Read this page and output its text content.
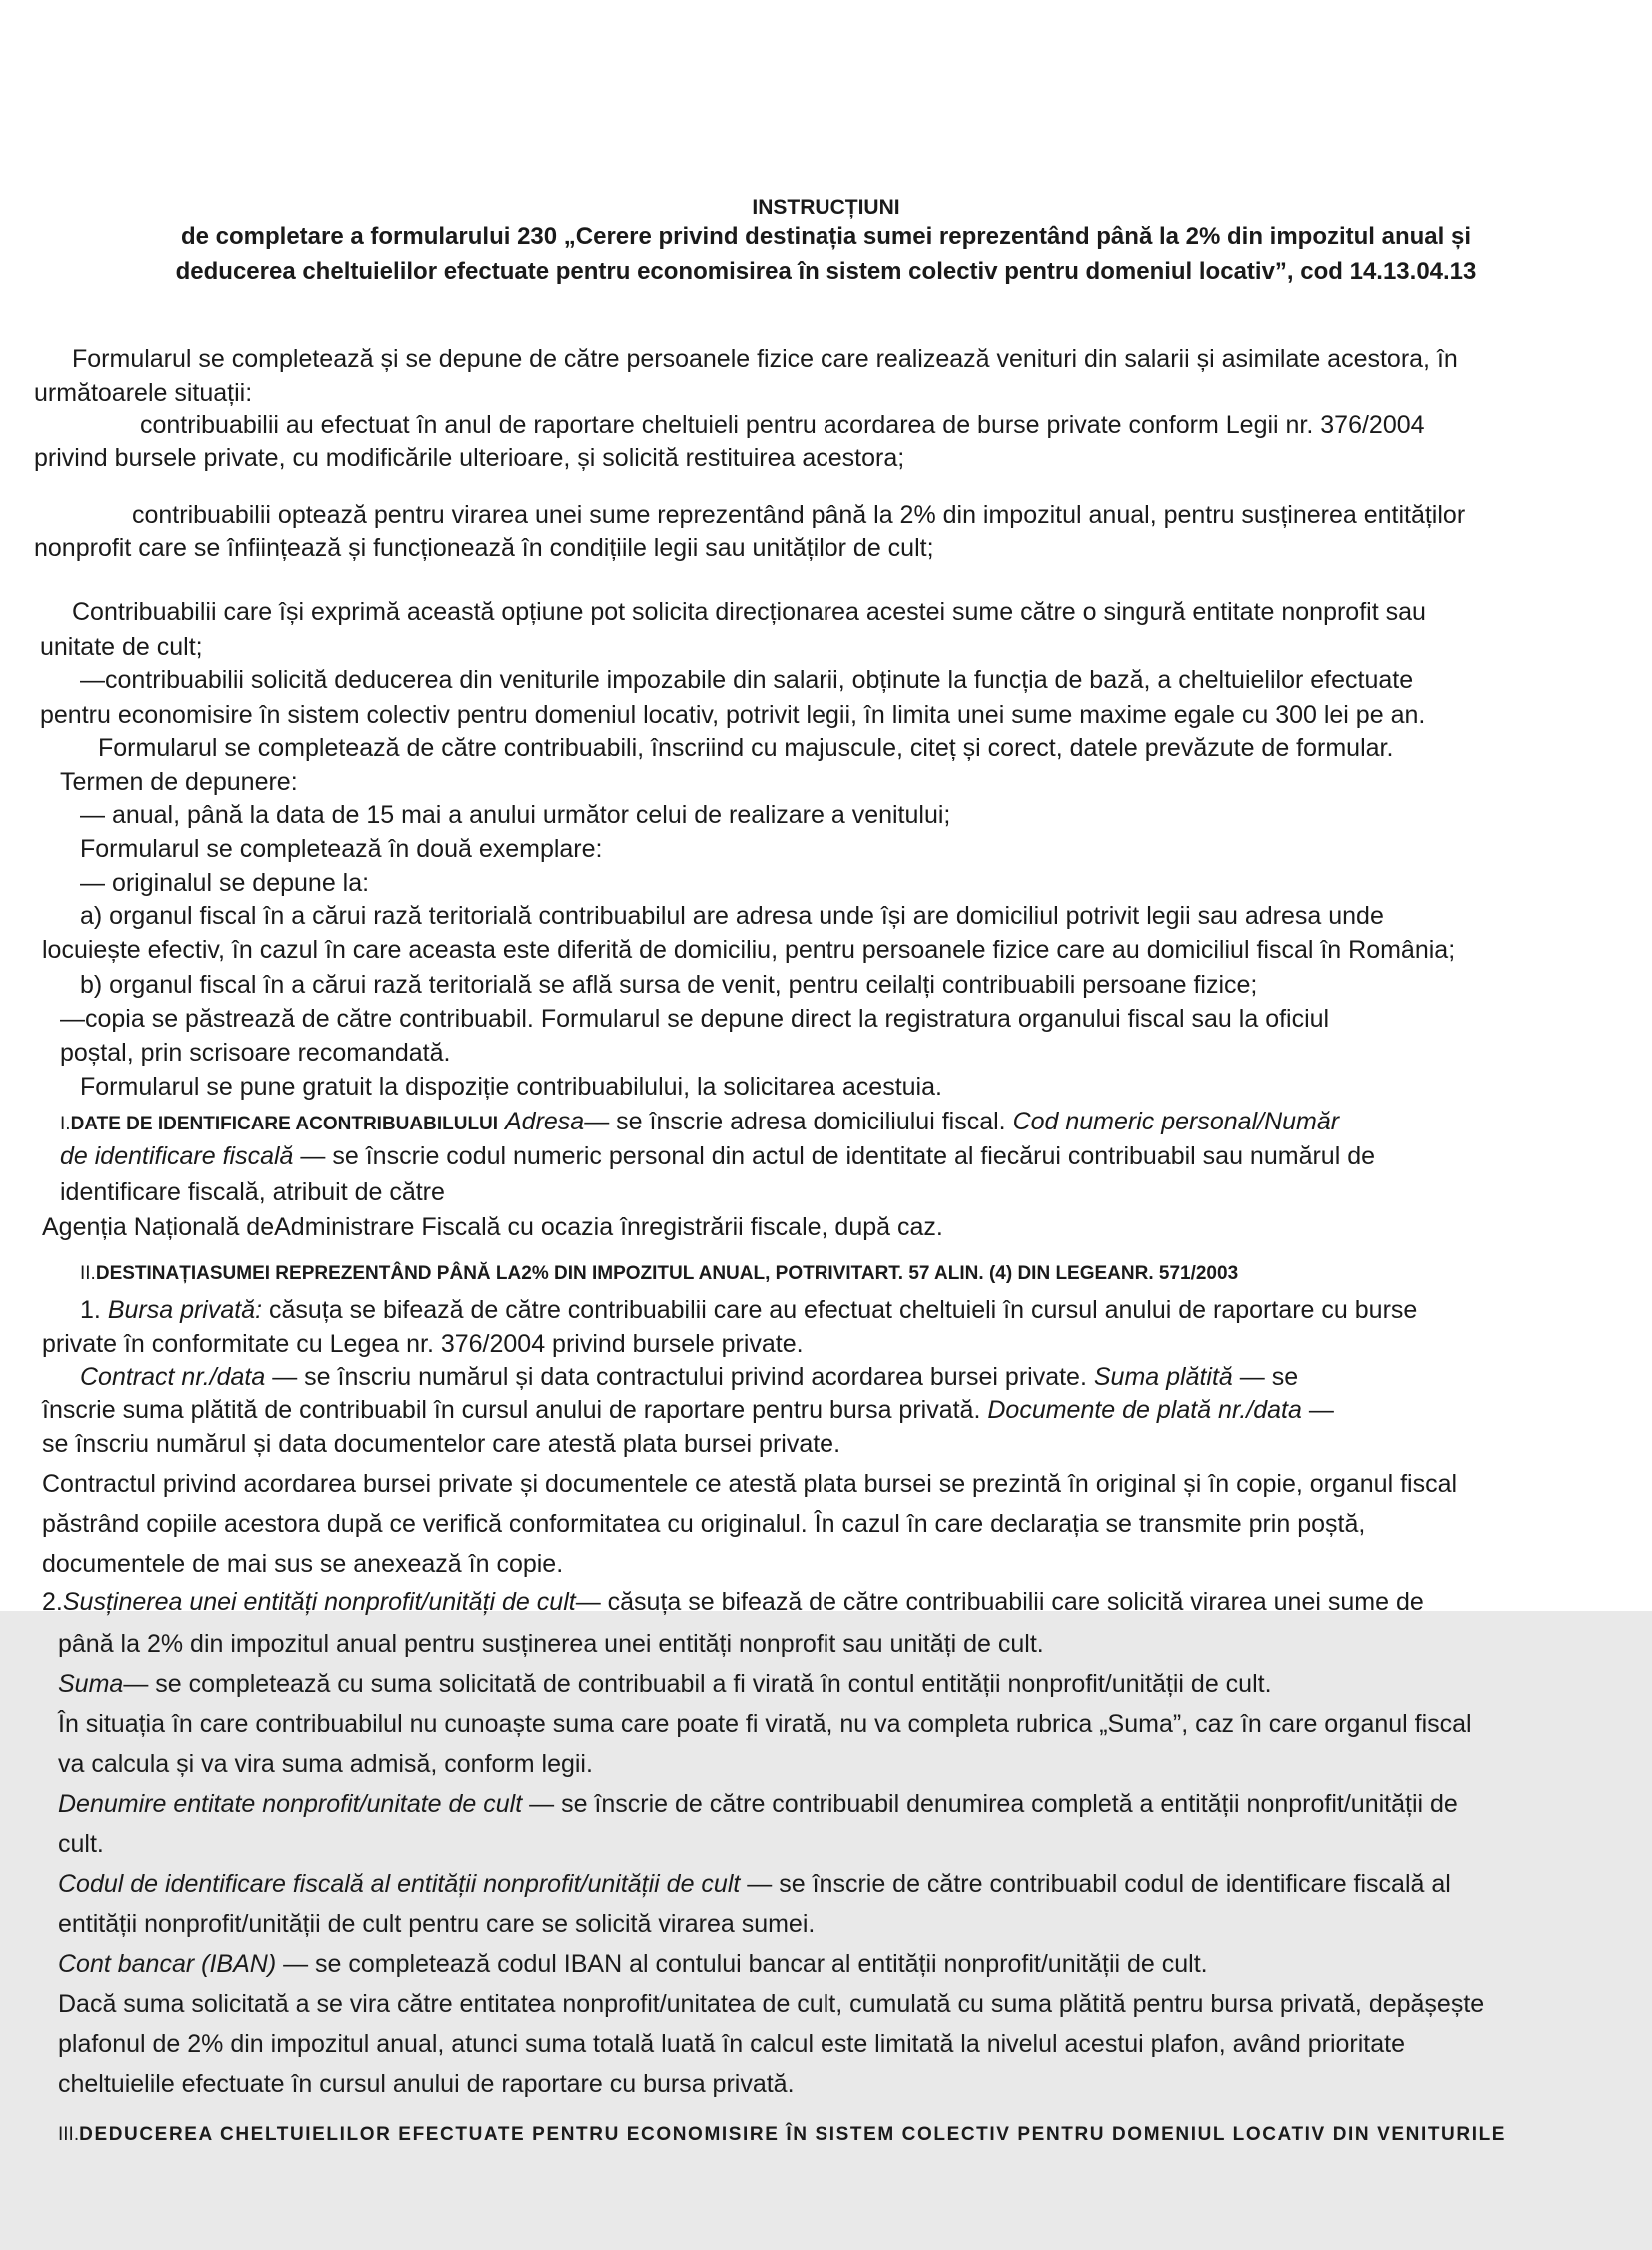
INSTRUCȚIUNI
de completare a formularului 230 „Cerere privind destinația sumei reprezentând până la 2% din impozitul anual și
deducerea cheltuielilor efectuate pentru economisirea în sistem colectiv pentru domeniul locativ”, cod 14.13.04.13
Formularul se completează și se depune de către persoanele fizice care realizează venituri din salarii și asimilate acestora, în
următoarele situații:
contribuabilii au efectuat în anul de raportare cheltuieli pentru acordarea de burse private conform Legii nr. 376/2004
privind bursele private, cu modificările ulterioare, și solicită restituirea acestora;
contribuabilii optează pentru virarea unei sume reprezentând până la 2% din impozitul anual, pentru susținerea entităților
nonprofit care se înființează și funcționează în condițiile legii sau unităților de cult;
Contribuabilii care își exprimă această opțiune pot solicita direcționarea acestei sume către o singură entitate nonprofit sau
unitate de cult;
—contribuabilii solicită deducerea din veniturile impozabile din salarii, obținute la funcția de bază, a cheltuielilor efectuate
pentru economisire în sistem colectiv pentru domeniul locativ, potrivit legii, în limita unei sume maxime egale cu 300 lei pe an.
Formularul se completează de către contribuabili, înscriind cu majuscule, citeț și corect, datele prevăzute de formular.
Termen de depunere:
— anual, până la data de 15 mai a anului următor celui de realizare a venitului;
Formularul se completează în două exemplare:
— originalul se depune la:
a) organul fiscal în a cărui rază teritorială contribuabilul are adresa unde își are domiciliul potrivit legii sau adresa unde
locuiește efectiv, în cazul în care aceasta este diferită de domiciliu, pentru persoanele fizice care au domiciliul fiscal în România;
b) organul fiscal în a cărui rază teritorială se află sursa de venit, pentru ceilalți contribuabili persoane fizice;
—copia se păstrează de către contribuabil. Formularul se depune direct la registratura organului fiscal sau la oficiul
poștal, prin scrisoare recomandată.
Formularul se pune gratuit la dispoziție contribuabilului, la solicitarea acestuia.
I.DATE DE IDENTIFICARE ACONTRIBUABILULUI Adresa— se înscrie adresa domiciliului fiscal. Cod numeric personal/Număr
de identificare fiscală — se înscrie codul numeric personal din actul de identitate al fiecărui contribuabil sau numărul de
identificare fiscală, atribuit de către
Agenția Națională deAdministrare Fiscală cu ocazia înregistrării fiscale, după caz.
II.DESTINAȚIASUMEI REPREZENTÂND PÂNĂ LA2% DIN IMPOZITUL ANUAL, POTRIVITART. 57 ALIN. (4) DIN LEGEANR. 571/2003
1. Bursa privată: căsuța se bifează de către contribuabilii care au efectuat cheltuieli în cursul anului de raportare cu burse
private în conformitate cu Legea nr. 376/2004 privind bursele private.
Contract nr./data — se înscriu numărul și data contractului privind acordarea bursei private. Suma plătită — se
înscrie suma plătită de contribuabil în cursul anului de raportare pentru bursa privată. Documente de plată nr./data —
se înscriu numărul și data documentelor care atestă plata bursei private.
Contractul privind acordarea bursei private și documentele ce atestă plata bursei se prezintă în original și în copie, organul fiscal
păstrând copiile acestora după ce verifică conformitatea cu originalul. În cazul în care declarația se transmite prin poștă,
documentele de mai sus se anexează în copie.
2.Susținerea unei entități nonprofit/unități de cult— căsuța se bifează de către contribuabilii care solicită virarea unei sume de
până la 2% din impozitul anual pentru susținerea unei entități nonprofit sau unități de cult.
Suma— se completează cu suma solicitată de contribuabil a fi virată în contul entității nonprofit/unității de cult.
În situația în care contribuabilul nu cunoaște suma care poate fi virată, nu va completa rubrica „Suma”, caz în care organul fiscal
va calcula și va vira suma admisă, conform legii.
Denumire entitate nonprofit/unitate de cult — se înscrie de către contribuabil denumirea completă a entității nonprofit/unității de
cult.
Codul de identificare fiscală al entității nonprofit/unității de cult — se înscrie de către contribuabil codul de identificare fiscală al
entității nonprofit/unității de cult pentru care se solicită virarea sumei.
Cont bancar (IBAN) — se completează codul IBAN al contului bancar al entității nonprofit/unității de cult.
Dacă suma solicitată a se vira către entitatea nonprofit/unitatea de cult, cumulată cu suma plătită pentru bursa privată, depășește
plafonul de 2% din impozitul anual, atunci suma totală luată în calcul este limitată la nivelul acestui plafon, având prioritate
cheltuielile efectuate în cursul anului de raportare cu bursa privată.
III.DEDUCEREA CHELTUIELILOR EFECTUATE PENTRU ECONOMISIRE ÎN SISTEM COLECTIV PENTRU DOMENIUL LOCATIV DIN VENITURILE
